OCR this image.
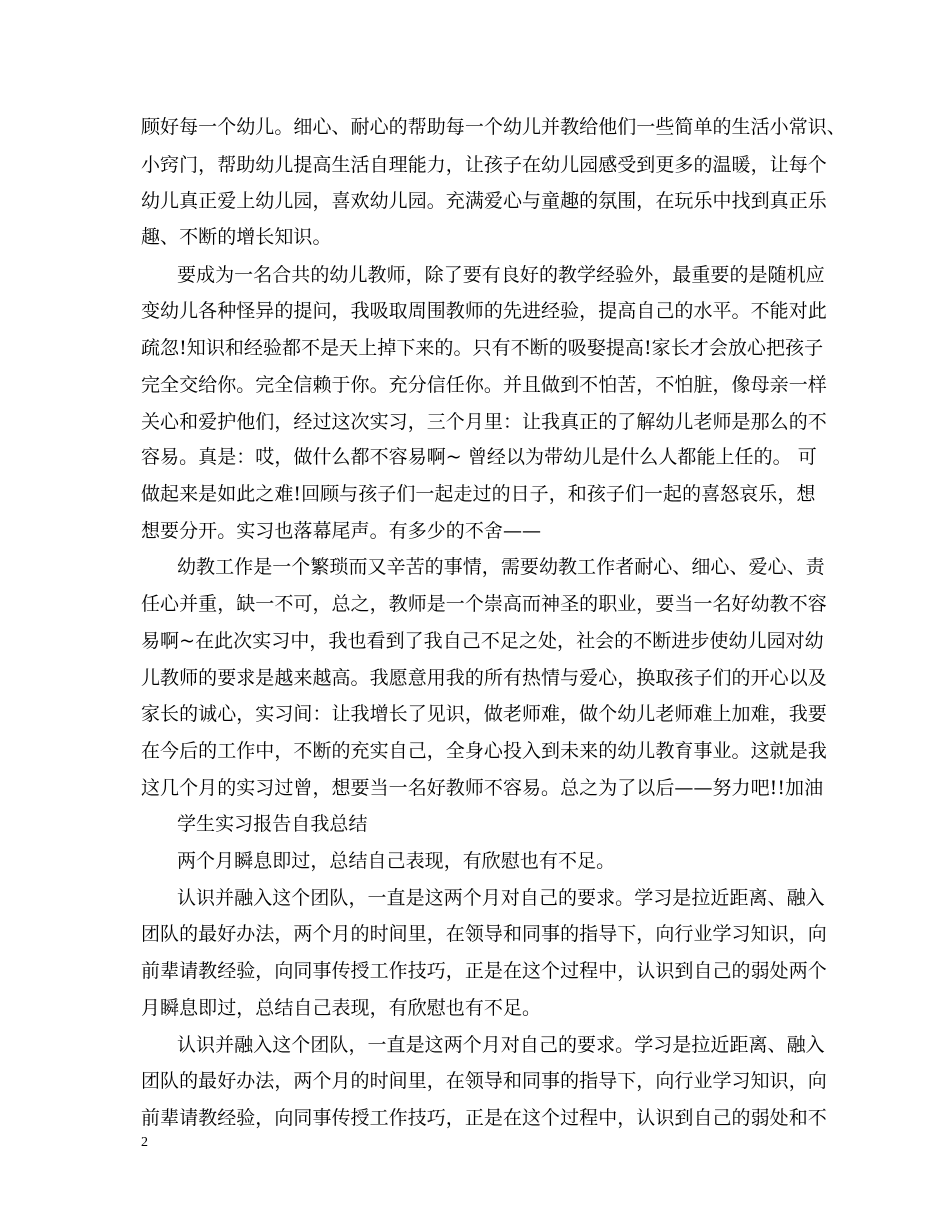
顾好每一个幼儿。细心、耐心的帮助每一个幼儿并教给他们一些简单的生活小常识、
小窍门，帮助幼儿提高生活自理能力，让孩子在幼儿园感受到更多的温暖，让每个
幼儿真正爱上幼儿园，喜欢幼儿园。充满爱心与童趣的氛围，在玩乐中找到真正乐
趣、不断的增长知识。
要成为一名合共的幼儿教师，除了要有良好的教学经验外，最重要的是随机应
变幼儿各种怪异的提问，我吸取周围教师的先进经验，提高自己的水平。不能对此
疏忽!知识和经验都不是天上掉下来的。只有不断的吸娶提高!家长才会放心把孩子
完全交给你。完全信赖于你。充分信任你。并且做到不怕苦，不怕脏，像母亲一样
关心和爱护他们，经过这次实习，三个月里：让我真正的了解幼儿老师是那么的不
容易。真是：哎，做什么都不容易啊~ 曾经以为带幼儿是什么人都能上任的。 可
做起来是如此之难!回顾与孩子们一起走过的日子，和孩子们一起的喜怒哀乐，想
想要分开。实习也落幕尾声。有多少的不舍——
幼教工作是一个繁琐而又辛苦的事情，需要幼教工作者耐心、细心、爱心、责
任心并重，缺一不可，总之，教师是一个崇高而神圣的职业，要当一名好幼教不容
易啊~在此次实习中，我也看到了我自己不足之处，社会的不断进步使幼儿园对幼
儿教师的要求是越来越高。我愿意用我的所有热情与爱心，换取孩子们的开心以及
家长的诚心，实习间：让我增长了见识，做老师难，做个幼儿老师难上加难，我要
在今后的工作中，不断的充实自己，全身心投入到未来的幼儿教育事业。这就是我
这几个月的实习过曾，想要当一名好教师不容易。总之为了以后——努力吧!!加油
学生实习报告自我总结
两个月瞬息即过，总结自己表现，有欣慰也有不足。
认识并融入这个团队，一直是这两个月对自己的要求。学习是拉近距离、融入
团队的最好办法，两个月的时间里，在领导和同事的指导下，向行业学习知识，向
前辈请教经验，向同事传授工作技巧，正是在这个过程中，认识到自己的弱处两个
月瞬息即过，总结自己表现，有欣慰也有不足。
认识并融入这个团队，一直是这两个月对自己的要求。学习是拉近距离、融入
团队的最好办法，两个月的时间里，在领导和同事的指导下，向行业学习知识，向
前辈请教经验，向同事传授工作技巧，正是在这个过程中，认识到自己的弱处和不
2
